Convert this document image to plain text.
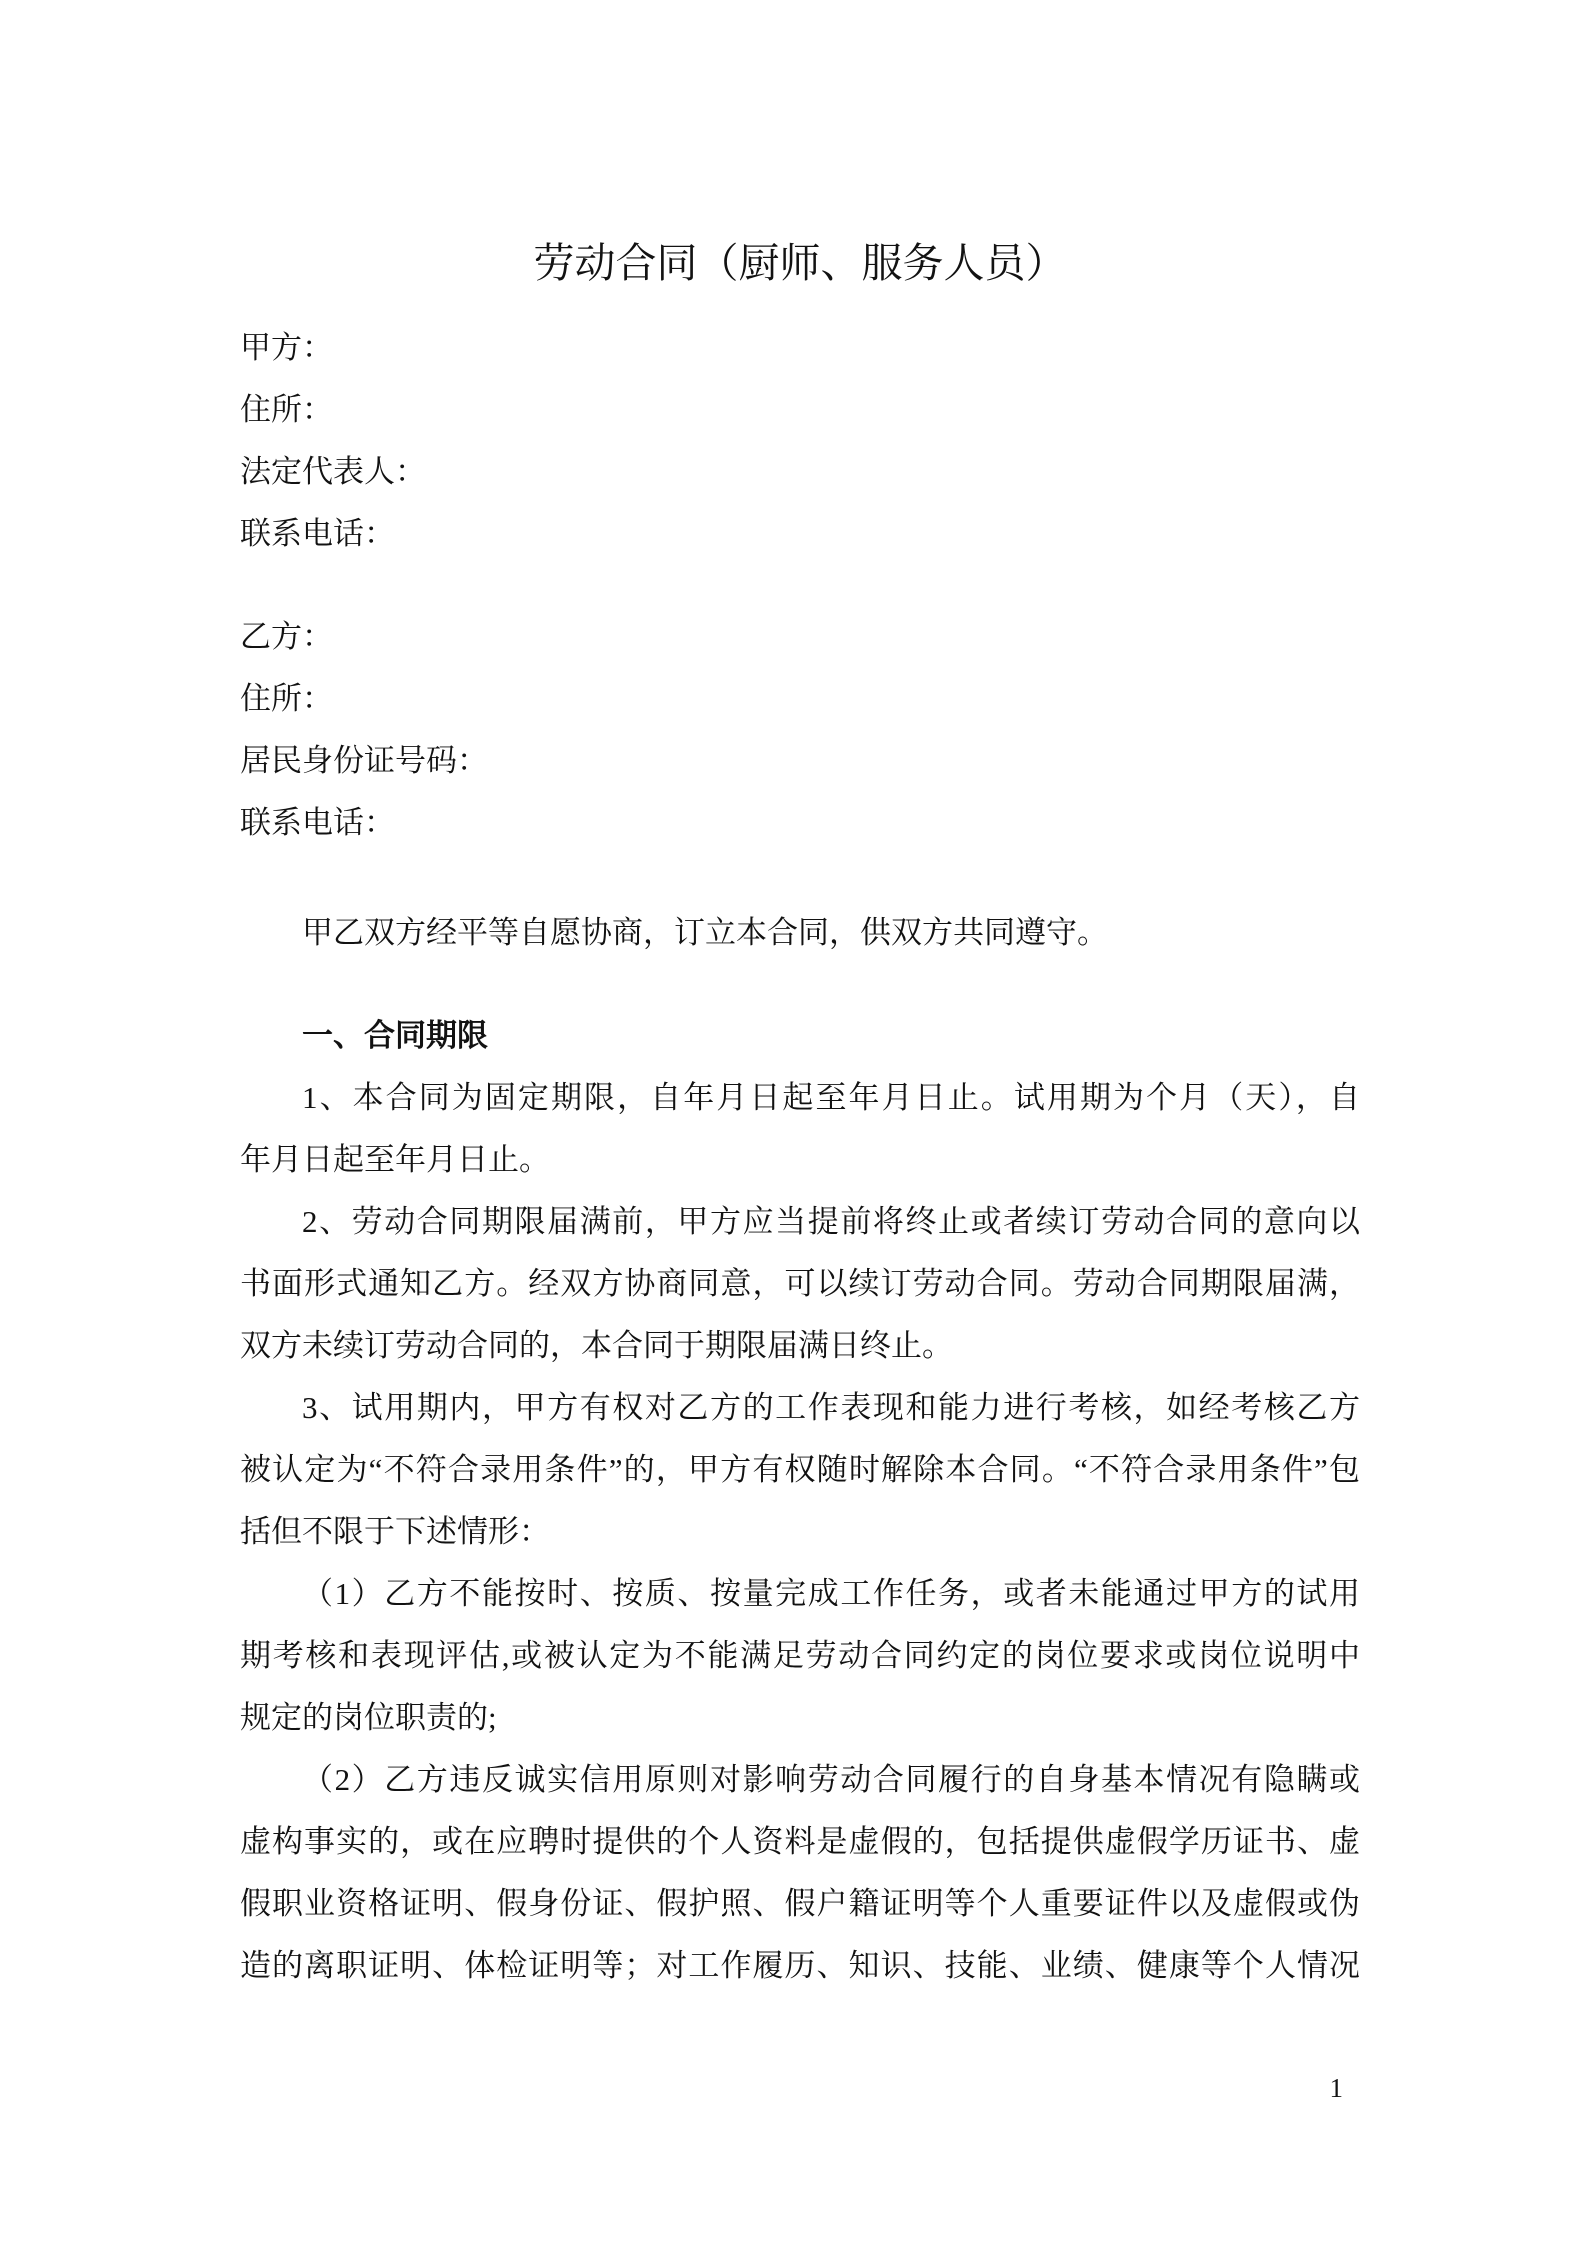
劳动合同（厨师、服务人员）
甲方：
住所：
法定代表人：
联系电话：
乙方：
住所：
居民身份证号码：
联系电话：
甲乙双方经平等自愿协商，订立本合同，供双方共同遵守。
一、合同期限
1、本合同为固定期限，自年月日起至年月日止。试用期为个月（天），自
年月日起至年月日止。
2、劳动合同期限届满前，甲方应当提前将终止或者续订劳动合同的意向以
书面形式通知乙方。经双方协商同意，可以续订劳动合同。劳动合同期限届满，
双方未续订劳动合同的，本合同于期限届满日终止。
3、试用期内，甲方有权对乙方的工作表现和能力进行考核，如经考核乙方
被认定为“不符合录用条件”的，甲方有权随时解除本合同。“不符合录用条件”包
括但不限于下述情形：
（1）乙方不能按时、按质、按量完成工作任务，或者未能通过甲方的试用
期考核和表现评估,或被认定为不能满足劳动合同约定的岗位要求或岗位说明中
规定的岗位职责的;
（2）乙方违反诚实信用原则对影响劳动合同履行的自身基本情况有隐瞒或
虚构事实的，或在应聘时提供的个人资料是虚假的，包括提供虚假学历证书、虚
假职业资格证明、假身份证、假护照、假户籍证明等个人重要证件以及虚假或伪
造的离职证明、体检证明等；对工作履历、知识、技能、业绩、健康等个人情况
1
